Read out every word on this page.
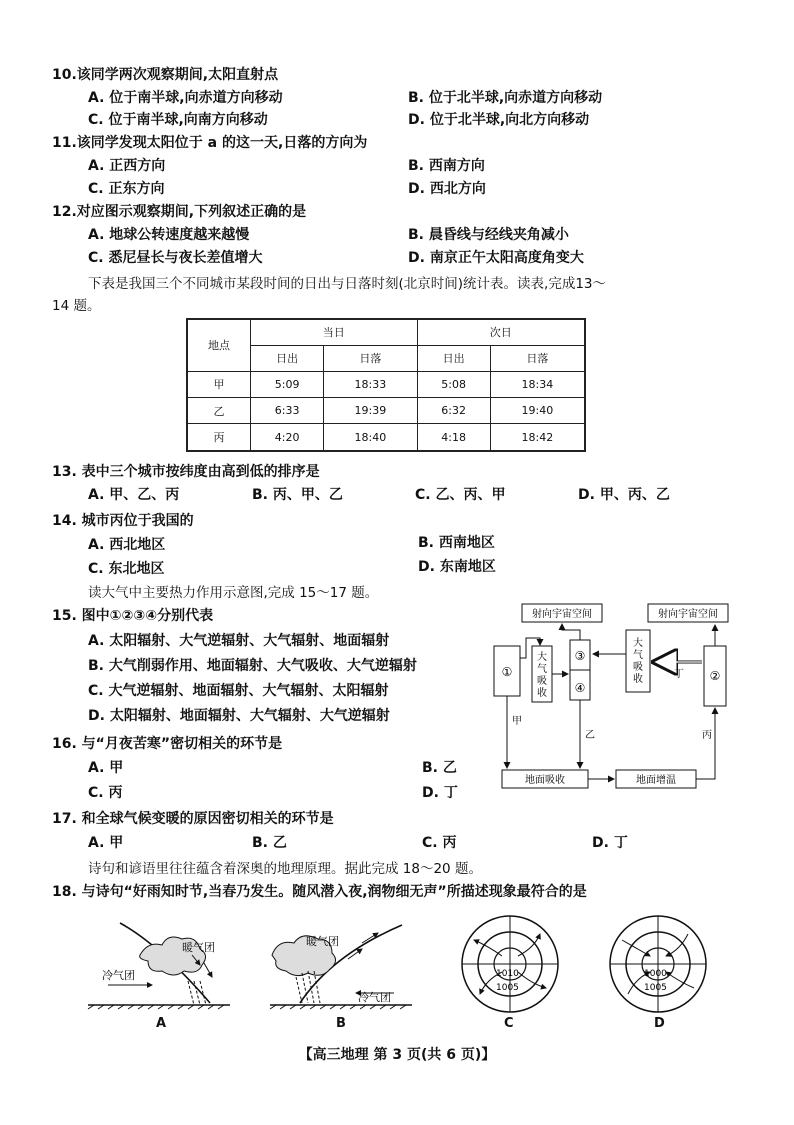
10.该同学两次观察期间,太阳直射点
A. 位于南半球,向赤道方向移动	B. 位于北半球,向赤道方向移动
C. 位于南半球,向南方向移动	D. 位于北半球,向北方向移动
11.该同学发现太阳位于 a 的这一天,日落的方向为
A. 正西方向	B. 西南方向
C. 正东方向	D. 西北方向
12.对应图示观察期间,下列叙述正确的是
A. 地球公转速度越来越慢	B. 晨昏线与经线夹角减小
C. 悉尼昼长与夜长差值增大	D. 南京正午太阳高度角变大
下表是我国三个不同城市某段时间的日出与日落时刻(北京时间)统计表。读表,完成13～
14 题。
地点	当日		次日	
	日出	日落	日出	日落
甲	5:09	18:33	5:08	18:34
乙	6:33	19:39	6:32	19:40
丙	4:20	18:40	4:18	18:42
13. 表中三个城市按纬度由高到低的排序是
A. 甲、乙、丙	B. 丙、甲、乙	C. 乙、丙、甲	D. 甲、丙、乙
14. 城市丙位于我国的
A. 西北地区	B. 西南地区
C. 东北地区	D. 东南地区
读大气中主要热力作用示意图,完成 15～17 题。
15. 图中①②③④分别代表
A. 太阳辐射、大气逆辐射、大气辐射、地面辐射
B. 大气削弱作用、地面辐射、大气吸收、大气逆辐射
C. 大气逆辐射、地面辐射、大气辐射、太阳辐射
D. 太阳辐射、地面辐射、大气辐射、大气逆辐射
16. 与“月夜苦寒”密切相关的环节是
A. 甲	B. 乙
C. 丙	D. 丁
17. 和全球气候变暖的原因密切相关的环节是
A. 甲	B. 乙	C. 丙	D. 丁
诗句和谚语里往往蕴含着深奥的地理原理。据此完成 18～20 题。
18. 与诗句“好雨知时节,当春乃发生。随风潜入夜,润物细无声”所描述现象最符合的是
射向宇宙空间	射向宇宙空间
①
大气吸收
③
④
大气吸收	②
地面吸收	地面增温
甲
乙
丁
丙
暖气团
冷气团
A
暖气团
冷气团
B
1010
1005
C
1000
1005
D
【高三地理 第 3 页(共 6 页)】
